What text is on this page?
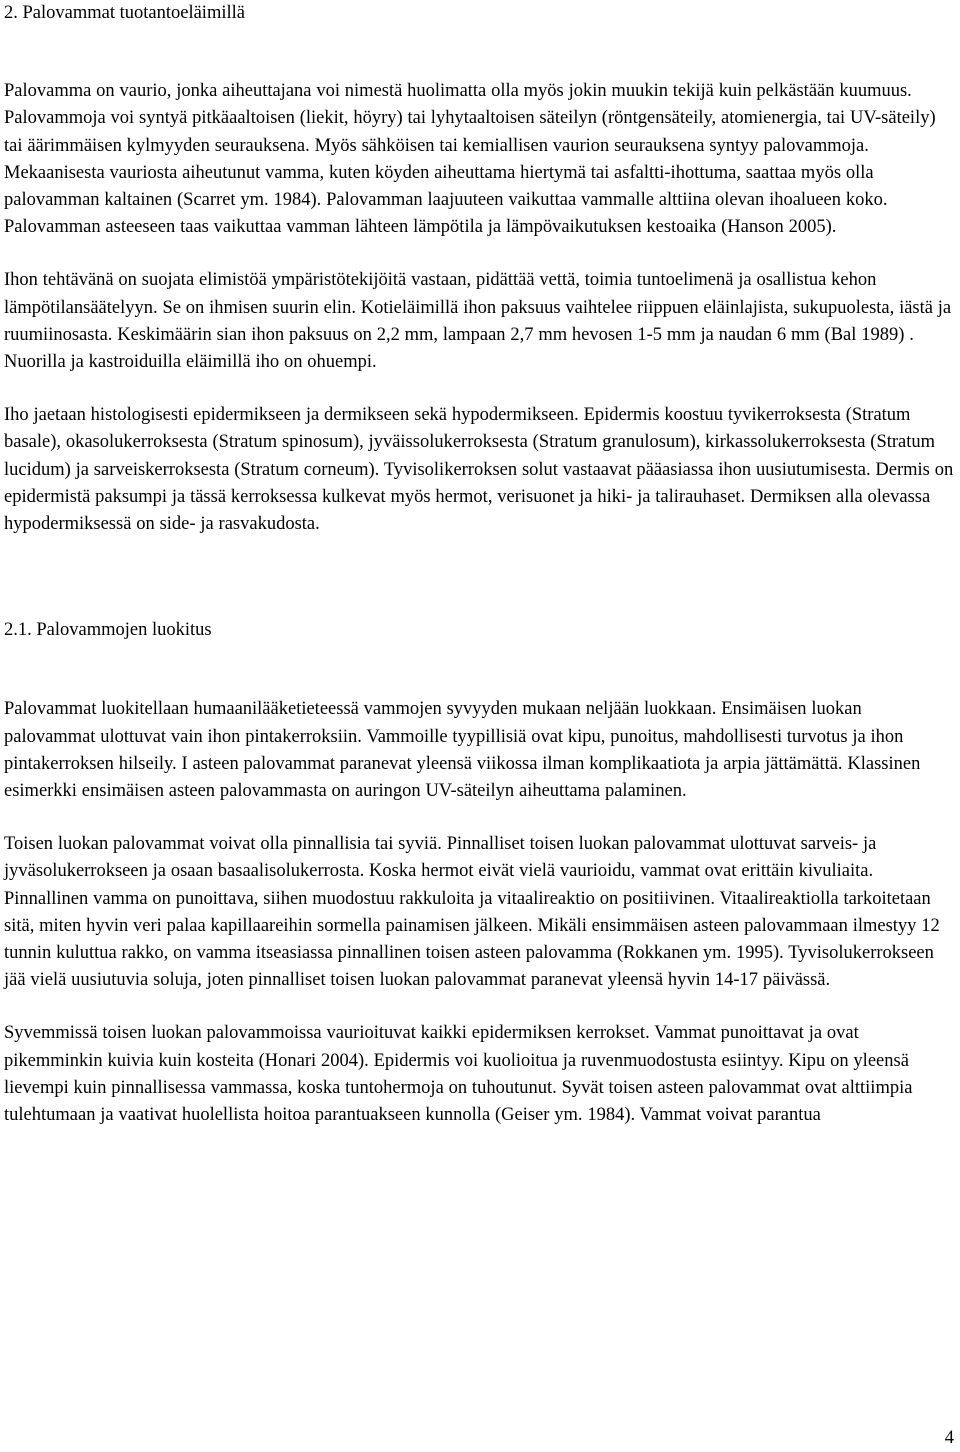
2. Palovammat tuotantoeläimillä

Palovamma on vaurio, jonka aiheuttajana voi nimestä huolimatta olla myös jokin muukin tekijä kuin pelkästään kuumuus. Palovammoja voi syntyä pitkäaaltoisen (liekit, höyry) tai lyhytaaltoisen säteilyn (röntgensäteily, atomienergia, tai UV-säteily) tai äärimmäisen kylmyyden seurauksena. Myös sähköisen tai kemiallisen vaurion seurauksena syntyy palovammoja. Mekaanisesta vauriosta aiheutunut vamma, kuten köyden aiheuttama hiertymä tai asfaltti-ihottuma, saattaa myös olla palovamman kaltainen (Scarret ym. 1984). Palovamman laajuuteen vaikuttaa vammalle alttiina olevan ihoalueen koko. Palovamman asteeseen taas vaikuttaa vamman lähteen lämpötila ja lämpövaikutuksen kestoaika (Hanson 2005).

Ihon tehtävänä on suojata elimistöä ympäristötekijöitä vastaan, pidättää vettä, toimia tuntoelimenä ja osallistua kehon lämpötilansäätelyyn. Se on ihmisen suurin elin. Kotieläimillä ihon paksuus vaihtelee riippuen eläinlajista, sukupuolesta, iästä ja ruumiinosasta. Keskimäärin sian ihon paksuus on 2,2 mm, lampaan 2,7 mm hevosen 1-5 mm ja naudan 6 mm (Bal 1989) . Nuorilla ja kastroiduilla eläimillä iho on ohuempi.

Iho jaetaan histologisesti epidermikseen ja dermikseen sekä hypodermikseen. Epidermis koostuu tyvikerroksesta (Stratum basale), okasolukerroksesta (Stratum spinosum), jyväissolukerroksesta (Stratum granulosum), kirkassolukerroksesta (Stratum lucidum) ja sarveiskerroksesta (Stratum corneum). Tyvisolikerroksen solut vastaavat pääasiassa ihon uusiutumisesta. Dermis on epidermistä paksumpi ja tässä kerroksessa kulkevat myös hermot, verisuonet ja hiki- ja talirauhaset. Dermiksen alla olevassa hypodermiksessä on side- ja rasvakudosta.

2.1. Palovammojen luokitus

Palovammat luokitellaan humaanilääketieteessä vammojen syvyyden mukaan neljään luokkaan. Ensimäisen luokan palovammat ulottuvat vain ihon pintakerroksiin. Vammoille tyypillisiä ovat kipu, punoitus, mahdollisesti turvotus ja ihon pintakerroksen hilseily. I asteen palovammat paranevat yleensä viikossa ilman komplikaatiota ja arpia jättämättä. Klassinen esimerkki ensimäisen asteen palovammasta on auringon UV-säteilyn aiheuttama palaminen.

Toisen luokan palovammat voivat olla pinnallisia tai syviä. Pinnalliset toisen luokan palovammat ulottuvat sarveis- ja jyväsolukerrokseen ja osaan basaalisolukerrosta. Koska hermot eivät vielä vaurioidu, vammat ovat erittäin kivuliaita. Pinnallinen vamma on punoittava, siihen muodostuu rakkuloita ja vitaalireaktio on positiivinen. Vitaalireaktiolla tarkoitetaan sitä, miten hyvin veri palaa kapillaareihin sormella painamisen jälkeen. Mikäli ensimmäisen asteen palovammaan ilmestyy 12 tunnin kuluttua rakko, on vamma itseasiassa pinnallinen toisen asteen palovamma (Rokkanen ym. 1995). Tyvisolukerrokseen jää vielä uusiutuvia soluja, joten pinnalliset toisen luokan palovammat paranevat yleensä hyvin 14-17 päivässä.

Syvemmissä toisen luokan palovammoissa vaurioituvat kaikki epidermiksen kerrokset. Vammat punoittavat ja ovat pikemminkin kuivia kuin kosteita (Honari 2004). Epidermis voi kuolioitua ja ruvenmuodostusta esiintyy. Kipu on yleensä lievempi kuin pinnallisessa vammassa, koska tuntohermoja on tuhoutunut. Syvät toisen asteen palovammat ovat alttiimpia tulehtumaan ja vaativat huolellista hoitoa parantuakseen kunnolla (Geiser ym. 1984). Vammat voivat parantua

4
